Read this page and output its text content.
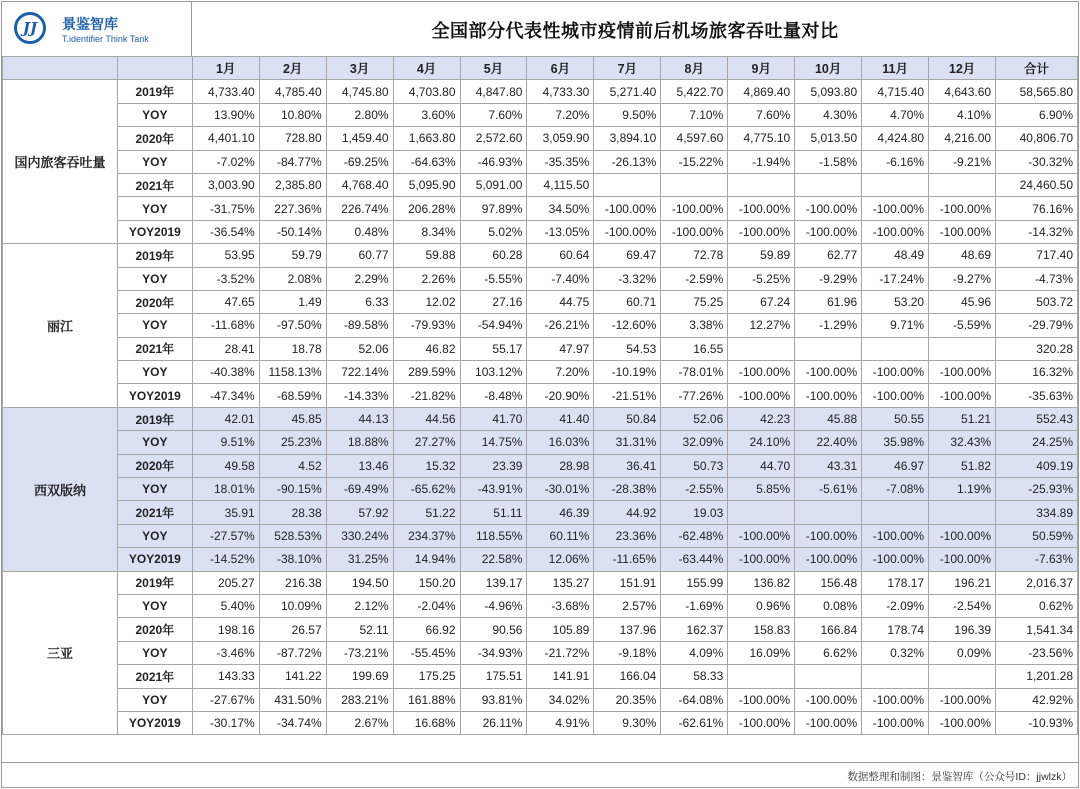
JJ	景鉴智库
T.identifier Think Tank	全国部分代表性城市疫情前后机场旅客吞吐量对比
		1月	2月	3月	4月	5月	6月	7月	8月	9月	10月	11月	12月	合计
国内旅客吞吐量	2019年	4,733.40	4,785.40	4,745.80	4,703.80	4,847.80	4,733.30	5,271.40	5,422.70	4,869.40	5,093.80	4,715.40	4,643.60	58,565.80
	YOY	13.90%	10.80%	2.80%	3.60%	7.60%	7.20%	9.50%	7.10%	7.60%	4.30%	4.70%	4.10%	6.90%
	2020年	4,401.10	728.80	1,459.40	1,663.80	2,572.60	3,059.90	3,894.10	4,597.60	4,775.10	5,013.50	4,424.80	4,216.00	40,806.70
	YOY	-7.02%	-84.77%	-69.25%	-64.63%	-46.93%	-35.35%	-26.13%	-15.22%	-1.94%	-1.58%	-6.16%	-9.21%	-30.32%
	2021年	3,003.90	2,385.80	4,768.40	5,095.90	5,091.00	4,115.50							24,460.50
	YOY	-31.75%	227.36%	226.74%	206.28%	97.89%	34.50%	-100.00%	-100.00%	-100.00%	-100.00%	-100.00%	-100.00%	76.16%
	YOY2019	-36.54%	-50.14%	0.48%	8.34%	5.02%	-13.05%	-100.00%	-100.00%	-100.00%	-100.00%	-100.00%	-100.00%	-14.32%
丽江	2019年	53.95	59.79	60.77	59.88	60.28	60.64	69.47	72.78	59.89	62.77	48.49	48.69	717.40
	YOY	-3.52%	2.08%	2.29%	2.26%	-5.55%	-7.40%	-3.32%	-2.59%	-5.25%	-9.29%	-17.24%	-9.27%	-4.73%
	2020年	47.65	1.49	6.33	12.02	27.16	44.75	60.71	75.25	67.24	61.96	53.20	45.96	503.72
	YOY	-11.68%	-97.50%	-89.58%	-79.93%	-54.94%	-26.21%	-12.60%	3.38%	12.27%	-1.29%	9.71%	-5.59%	-29.79%
	2021年	28.41	18.78	52.06	46.82	55.17	47.97	54.53	16.55					320.28
	YOY	-40.38%	1158.13%	722.14%	289.59%	103.12%	7.20%	-10.19%	-78.01%	-100.00%	-100.00%	-100.00%	-100.00%	16.32%
	YOY2019	-47.34%	-68.59%	-14.33%	-21.82%	-8.48%	-20.90%	-21.51%	-77.26%	-100.00%	-100.00%	-100.00%	-100.00%	-35.63%
西双版纳	2019年	42.01	45.85	44.13	44.56	41.70	41.40	50.84	52.06	42.23	45.88	50.55	51.21	552.43
	YOY	9.51%	25.23%	18.88%	27.27%	14.75%	16.03%	31.31%	32.09%	24.10%	22.40%	35.98%	32.43%	24.25%
	2020年	49.58	4.52	13.46	15.32	23.39	28.98	36.41	50.73	44.70	43.31	46.97	51.82	409.19
	YOY	18.01%	-90.15%	-69.49%	-65.62%	-43.91%	-30.01%	-28.38%	-2.55%	5.85%	-5.61%	-7.08%	1.19%	-25.93%
	2021年	35.91	28.38	57.92	51.22	51.11	46.39	44.92	19.03					334.89
	YOY	-27.57%	528.53%	330.24%	234.37%	118.55%	60.11%	23.36%	-62.48%	-100.00%	-100.00%	-100.00%	-100.00%	50.59%
	YOY2019	-14.52%	-38.10%	31.25%	14.94%	22.58%	12.06%	-11.65%	-63.44%	-100.00%	-100.00%	-100.00%	-100.00%	-7.63%
三亚	2019年	205.27	216.38	194.50	150.20	139.17	135.27	151.91	155.99	136.82	156.48	178.17	196.21	2,016.37
	YOY	5.40%	10.09%	2.12%	-2.04%	-4.96%	-3.68%	2.57%	-1.69%	0.96%	0.08%	-2.09%	-2.54%	0.62%
	2020年	198.16	26.57	52.11	66.92	90.56	105.89	137.96	162.37	158.83	166.84	178.74	196.39	1,541.34
	YOY	-3.46%	-87.72%	-73.21%	-55.45%	-34.93%	-21.72%	-9.18%	4.09%	16.09%	6.62%	0.32%	0.09%	-23.56%
	2021年	143.33	141.22	199.69	175.25	175.51	141.91	166.04	58.33					1,201.28
	YOY	-27.67%	431.50%	283.21%	161.88%	93.81%	34.02%	20.35%	-64.08%	-100.00%	-100.00%	-100.00%	-100.00%	42.92%
	YOY2019	-30.17%	-34.74%	2.67%	16.68%	26.11%	4.91%	9.30%	-62.61%	-100.00%	-100.00%	-100.00%	-100.00%	-10.93%
数据整理和制图：景鉴智库（公众号ID：jjwlzk）
